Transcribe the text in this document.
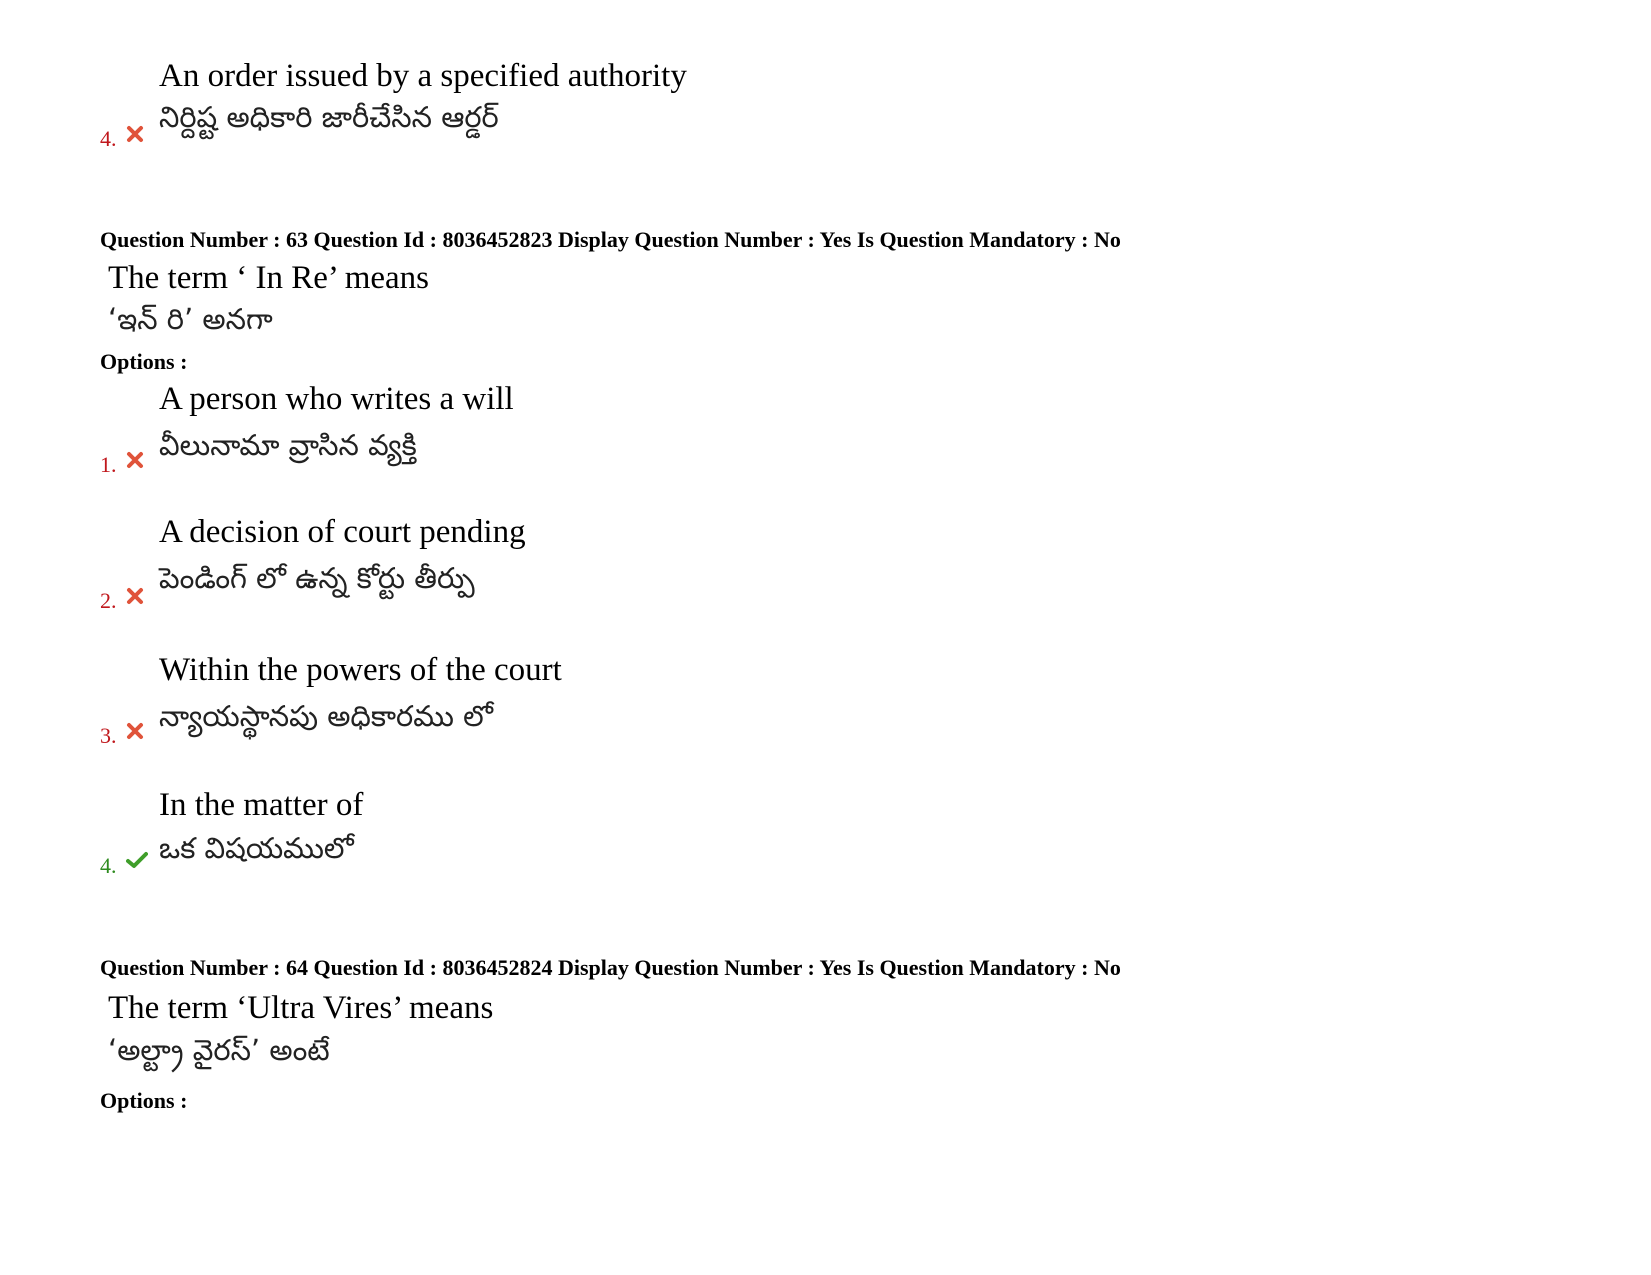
An order issued by a specified authority
నిర్దిష్ట అధికారి జారీచేసిన ఆర్డర్
4.
Question Number : 63 Question Id : 8036452823 Display Question Number : Yes Is Question Mandatory : No
The term ‘ In Re’ means
‘ఇన్ రి’ అనగా
Options :
A person who writes a will
వీలునామా వ్రాసిన వ్యక్తి
1.
A decision of court pending
పెండింగ్ లో ఉన్న కోర్టు తీర్పు
2.
Within the powers of the court
న్యాయస్థానపు అధికారము లో
3.
In the matter of
ఒక విషయములో
4.
Question Number : 64 Question Id : 8036452824 Display Question Number : Yes Is Question Mandatory : No
The term ‘Ultra Vires’ means
‘అల్ట్రా వైరస్’ అంటే
Options :
